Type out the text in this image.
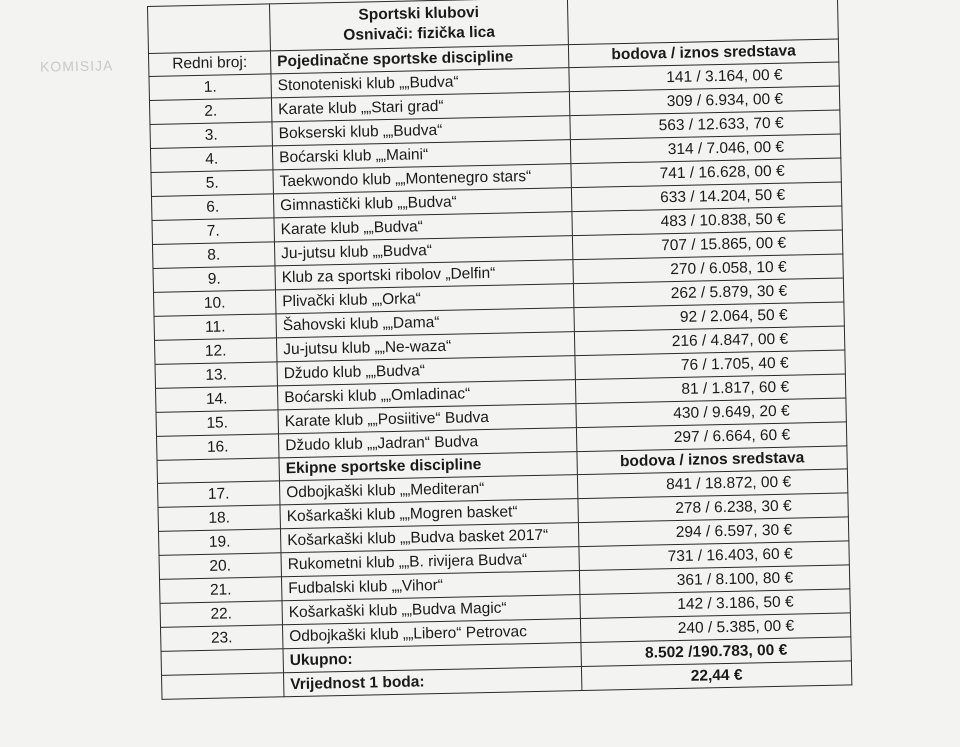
KOMISIJA

	Sportski klubovi
Osnivači: fizička lica	

Redni broj:	Pojedinačne sportske discipline	bodova / iznos sredstava
1.	Stonoteniski klub „„Budva“	141 / 3.164, 00 €
2.	Karate klub „„Stari grad“	309 / 6.934, 00 €
3.	Bokserski klub „„Budva“	563 / 12.633, 70 €
4.	Boćarski klub „„Maini“	314 / 7.046, 00 €
5.	Taekwondo klub „„Montenegro stars“	741 / 16.628, 00 €
6.	Gimnastički klub „„Budva“	633 / 14.204, 50 €
7.	Karate klub „„Budva“	483 / 10.838, 50 €
8.	Ju-jutsu klub „„Budva“	707 / 15.865, 00 €
9.	Klub za sportski ribolov „Delfin“	270 / 6.058, 10 €
10.	Plivački klub „„Orka“	262 / 5.879, 30 €
11.	Šahovski klub „„Dama“	92 / 2.064, 50 €
12.	Ju-jutsu klub „„Ne-waza“	216 / 4.847, 00 €
13.	Džudo klub „„Budva“	76 / 1.705, 40 €
14.	Boćarski klub „„Omladinac“	81 / 1.817, 60 €
15.	Karate klub „„Posiitive“ Budva	430 / 9.649, 20 €
16.	Džudo klub „„Jadran“ Budva	297 / 6.664, 60 €
	Ekipne sportske discipline	bodova / iznos sredstava
17.	Odbojkaški klub „„Mediteran“	841 / 18.872, 00 €
18.	Košarkaški klub „„Mogren basket“	278 / 6.238, 30 €
19.	Košarkaški klub „„Budva basket 2017“	294 / 6.597, 30 €
20.	Rukometni klub „„B. rivijera Budva“	731 / 16.403, 60 €
21.	Fudbalski klub „„Vihor“	361 / 8.100, 80 €
22.	Košarkaški klub „„Budva Magic“	142 / 3.186, 50 €
23.	Odbojkaški klub „„Libero“ Petrovac	240 / 5.385, 00 €
	Ukupno:	8.502 /190.783, 00 €
	Vrijednost 1 boda:	22,44 €
